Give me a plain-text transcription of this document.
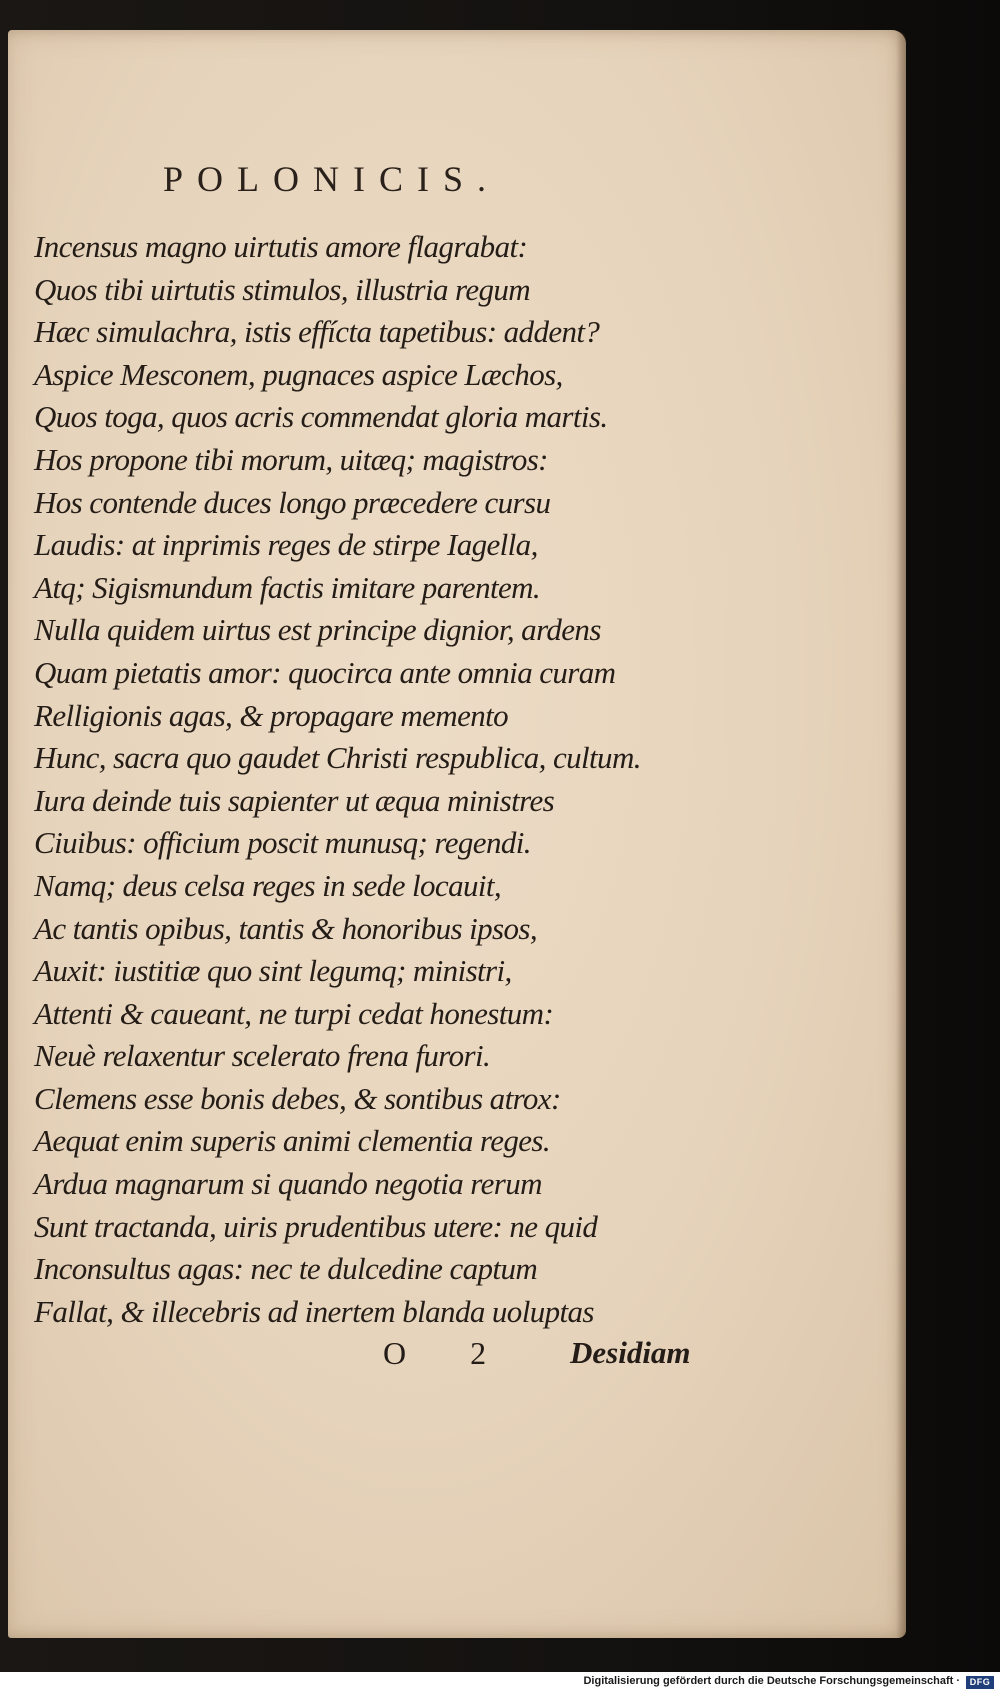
POLONICIS.
Incensus magno uirtutis amore flagrabat:
Quos tibi uirtutis stimulos, illustria regum
Hæc simulachra, istis effícta tapetibus: addent?
Aspice Mesconem, pugnaces aspice Læchos,
Quos toga, quos acris commendat gloria martis.
Hos propone tibi morum, uitæq; magistros:
Hos contende duces longo præcedere cursu
Laudis: at inprimis reges de stirpe Iagella,
Atq; Sigismundum factis imitare parentem.
Nulla quidem uirtus est principe dignior, ardens
Quam pietatis amor: quocirca ante omnia curam
Relligionis agas, & propagare memento
Hunc, sacra quo gaudet Christi respublica, cultum.
Iura deinde tuis sapienter ut æqua ministres
Ciuibus: officium poscit munusq; regendi.
Namq; deus celsa reges in sede locauit,
Ac tantis opibus, tantis & honoribus ipsos,
Auxit: iustitiæ quo sint legumq; ministri,
Attenti & caueant, ne turpi cedat honestum:
Neuè relaxentur scelerato frena furori.
Clemens esse bonis debes, & sontibus atrox:
Aequat enim superis animi clementia reges.
Ardua magnarum si quando negotia rerum
Sunt tractanda, uiris prudentibus utere: ne quid
Inconsultus agas: nec te dulcedine captum
Fallat, & illecebris ad inertem blanda uoluptas
O 2 Desidiam
Digitalisierung gefördert durch die Deutsche Forschungsgemeinschaft ·	DFG
